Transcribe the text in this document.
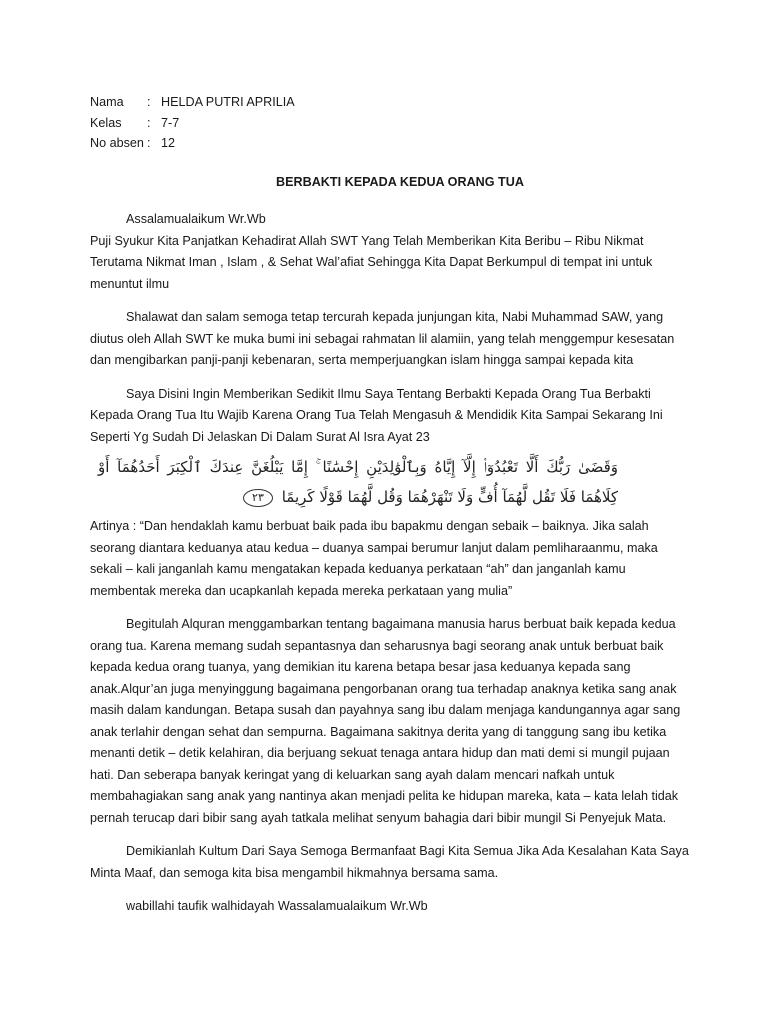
Nama	:	HELDA PUTRI APRILIA
Kelas	:	7-7
No absen	:	12
BERBAKTI KEPADA KEDUA ORANG TUA

Assalamualaikum Wr.Wb

Puji Syukur Kita Panjatkan Kehadirat Allah SWT Yang Telah Memberikan Kita Beribu – Ribu Nikmat Terutama Nikmat Iman , Islam , & Sehat Wal’afiat Sehingga Kita Dapat Berkumpul di tempat ini untuk menuntut ilmu

Shalawat dan salam semoga tetap tercurah kepada junjungan kita, Nabi Muhammad SAW, yang diutus oleh Allah SWT ke muka bumi ini sebagai rahmatan lil alamiin, yang telah menggempur kesesatan dan mengibarkan panji-panji kebenaran, serta memperjuangkan islam hingga sampai kepada kita

Saya Disini Ingin Memberikan Sedikit Ilmu Saya Tentang Berbakti Kepada Orang Tua Berbakti Kepada Orang Tua Itu Wajib Karena Orang Tua Telah Mengasuh & Mendidik Kita Sampai Sekarang Ini Seperti Yg Sudah Di Jelaskan Di Dalam Surat Al Isra Ayat 23

وَقَضَىٰ رَبُّكَ أَلَّا تَعْبُدُوٓا۟ إِلَّآ إِيَّاهُ وَبِٱلْوَٰلِدَيْنِ إِحْسَٰنًا ۚ إِمَّا يَبْلُغَنَّ عِندَكَ ٱلْكِبَرَ أَحَدُهُمَآ أَوْ كِلَاهُمَا فَلَا تَقُل لَّهُمَآ أُفٍّ وَلَا تَنْهَرْهُمَا وَقُل لَّهُمَا قَوْلًا كَرِيمًا ٢٣

Artinya : “Dan hendaklah kamu berbuat baik pada ibu bapakmu dengan sebaik – baiknya. Jika salah seorang diantara keduanya atau kedua – duanya sampai berumur lanjut dalam pemliharaanmu, maka sekali – kali janganlah kamu mengatakan kepada keduanya perkataan “ah” dan janganlah kamu membentak mereka dan ucapkanlah kepada mereka perkataan yang mulia”

Begitulah Alquran menggambarkan tentang bagaimana manusia harus berbuat baik kepada kedua orang tua. Karena memang sudah sepantasnya dan seharusnya bagi seorang anak untuk berbuat baik kepada kedua orang tuanya, yang demikian itu karena betapa besar jasa keduanya kepada sang anak.Alqur’an juga menyinggung bagaimana pengorbanan orang tua terhadap anaknya ketika sang anak masih dalam kandungan. Betapa susah dan payahnya sang ibu dalam menjaga kandungannya agar sang anak terlahir dengan sehat dan sempurna. Bagaimana sakitnya derita yang di tanggung sang ibu ketika menanti detik – detik kelahiran, dia berjuang sekuat tenaga antara hidup dan mati demi si mungil pujaan hati. Dan seberapa banyak keringat yang di keluarkan sang ayah dalam mencari nafkah untuk membahagiakan sang anak yang nantinya akan menjadi pelita ke hidupan mareka, kata – kata lelah tidak pernah terucap dari bibir sang ayah tatkala melihat senyum bahagia dari bibir mungil Si Penyejuk Mata.

Demikianlah Kultum Dari Saya Semoga Bermanfaat Bagi Kita Semua Jika Ada Kesalahan Kata Saya Minta Maaf, dan semoga kita bisa mengambil hikmahnya bersama sama.

wabillahi taufik walhidayah Wassalamualaikum Wr.Wb
